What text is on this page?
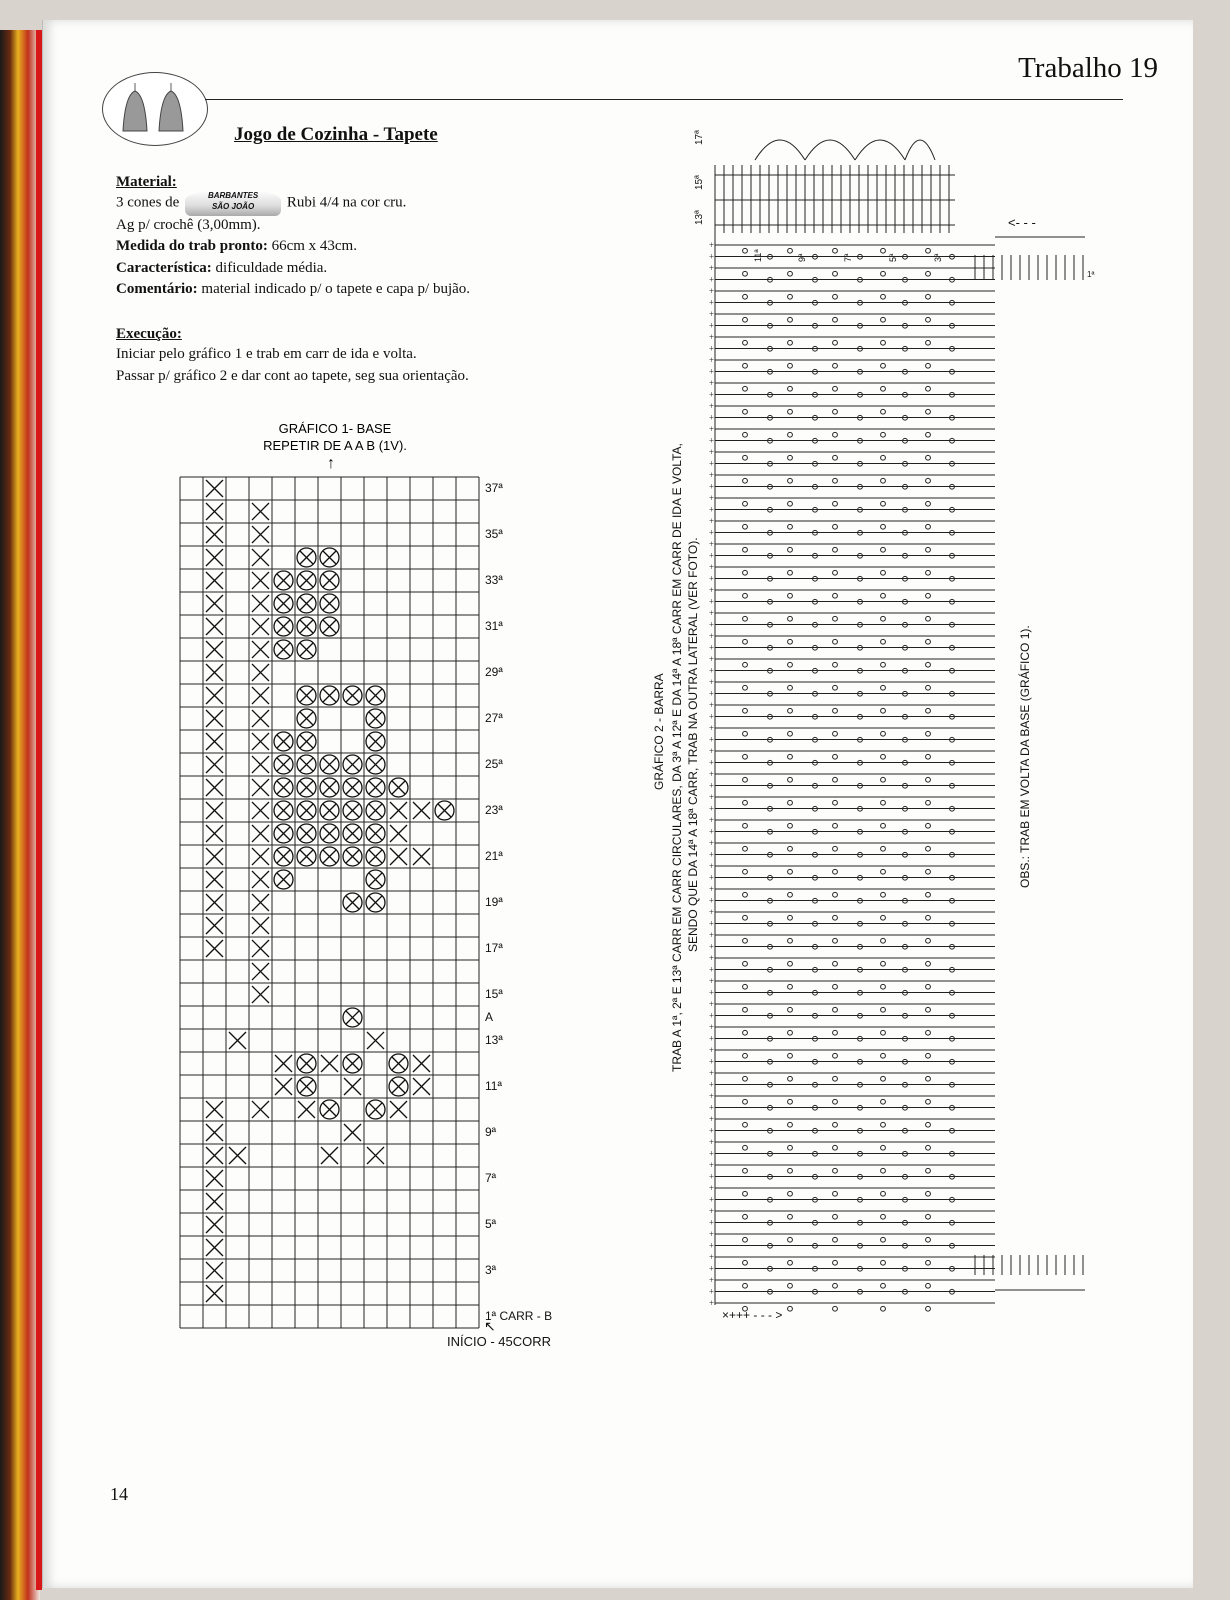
Trabalho 19
Jogo de Cozinha - Tapete
Material:
3 cones de	BARBANTES
SÃO JOÃO Rubi 4/4 na cor cru.
Ag p/ crochê (3,00mm).
Medida do trab pronto: 66cm x 43cm.
Característica: dificuldade média.
Comentário: material indicado p/ o tapete e capa p/ bujão.
Execução:
Iniciar pelo gráfico 1 e trab em carr de ida e volta.
Passar p/ gráfico 2 e dar cont ao tapete, seg sua orientação.
GRÁFICO 1- BASE
REPETIR DE A A B (1V).
↑
37ª
35ª
33ª
31ª
29ª
27ª
25ª
23ª
21ª
19ª
17ª
15ª
A
13ª
11ª
9ª
7ª
5ª
3ª
1ª CARR - B
↖
INÍCIO - 45CORR
GRÁFICO 2 - BARRA TRAB A 1ª, 2ª E 13ª CARR EM CARR CIRCULARES, DA 3ª A 12ª E DA 14ª A 18ª CARR EM CARR DE IDA E VOLTA, SENDO QUE DA 14ª A 18ª CARR, TRAB NA OUTRA LATERAL (VER FOTO).	OBS.: TRAB EM VOLTA DA BASE (GRÁFICO 1).
17ª
15ª
13ª
11ª	9ª	7ª	5ª	3ª
1ª
<- - -
×+++ - - - >
+
+
+
+
+
+
+
+
+
+
+
+
+
+
+
+
+
+
+
+
+
+
+
+
+
+
+
+
+
+
+
+
+
+
+
+
+
+
+
+
+
+
+
+
+
+
+
+
+
+
+
+
+
+
+
+
+
+
+
+
+
+
+
+
+
+
+
+
+
+
+
+
+
+
+
+
+
+
+
+
+
+
+
+
+
+
+
+
+
+
+
+
+
14
